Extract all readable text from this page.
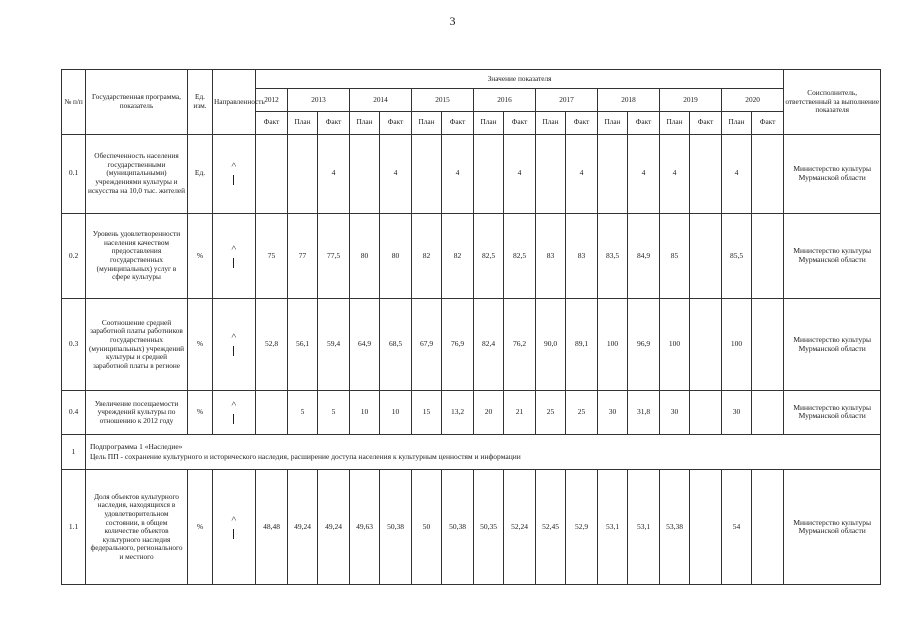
3
№ п/п	Государственная программа, показатель	Ед. изм.	Направленность	Значение показателя																	Соисполнитель, ответственный за выполнение показателя
				2012	2013		2014		2015		2016		2017		2018		2019		2020		
				Факт	План	Факт	План	Факт	План	Факт	План	Факт	План	Факт	План	Факт	План	Факт	План	Факт	
0.1	Обеспеченность населения государственными (муниципальными) учреждениями культуры и искусства на 10,0 тыс. жителей	Ед.	^			4		4		4		4		4		4	4		4		Министерство культуры Мурманской области
0.2	Уровень удовлетворенности населения качеством предоставления государственных (муниципальных) услуг в сфере культуры	%	^	75	77	77,5	80	80	82	82	82,5	82,5	83	83	83,5	84,9	85		85,5		Министерство культуры Мурманской области
0.3	Соотношение средней заработной платы работников государственных (муниципальных) учреждений культуры и средней заработной платы в регионе	%	^	52,8	56,1	59,4	64,9	68,5	67,9	76,9	82,4	76,2	90,0	89,1	100	96,9	100		100		Министерство культуры Мурманской области
0.4	Увеличение посещаемости учреждений культуры по отношению к 2012 году	%	^		5	5	10	10	15	13,2	20	21	25	25	30	31,8	30		30		Министерство культуры Мурманской области
1	Подпрограмма 1 «Наследие»
Цель ПП - сохранение культурного и исторического наследия, расширение доступа населения к культурным ценностям и информации																				

1.1	Доля объектов культурного наследия, находящихся в удовлетворительном состоянии, в общем количестве объектов культурного наследия федерального, регионального и местного	%	^	48,48	49,24	49,24	49,63	50,38	50	50,38	50,35	52,24	52,45	52,9	53,1	53,1	53,38		54		Министерство культуры Мурманской области
